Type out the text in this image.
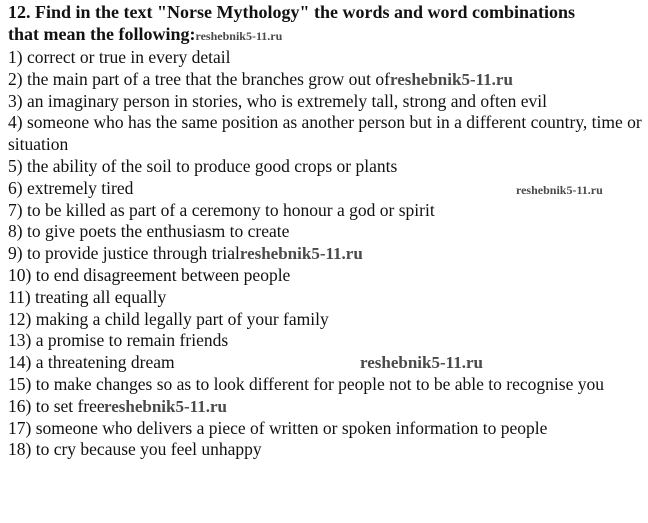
12. Find in the text "Norse Mythology" the words and word combinations
that mean the following:reshebnik5-11.ru
1) correct or true in every detail
2) the main part of a tree that the branches grow out ofreshebnik5-11.ru
3) an imaginary person in stories, who is extremely tall, strong and often evil
4) someone who has the same position as another person but in a different country, time or situation
5) the ability of the soil to produce good crops or plants
6) extremely tired	reshebnik5-11.ru
7) to be killed as part of a ceremony to honour a god or spirit
8) to give poets the enthusiasm to create
9) to provide justice through trialreshebnik5-11.ru
10) to end disagreement between people
11) treating all equally
12) making a child legally part of your family
13) a promise to remain friends
14) a threatening dream	reshebnik5-11.ru
15) to make changes so as to look different for people not to be able to recognise you
reshebnik5-11.ru
16) to set free
17) someone who delivers a piece of written or spoken information to people
18) to cry because you feel unhappy
